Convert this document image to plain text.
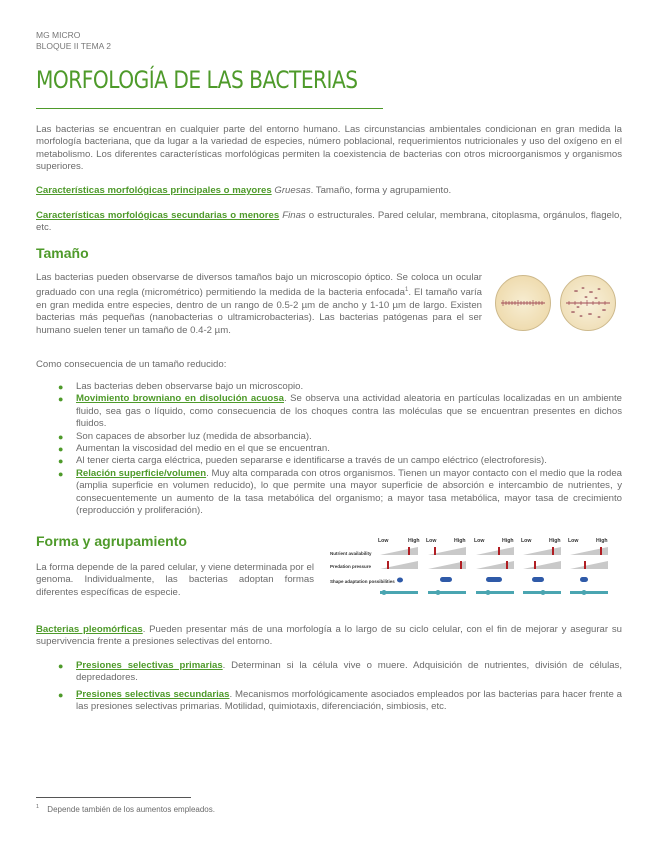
MG MICRO
BLOQUE II TEMA 2
MORFOLOGÍA DE LAS BACTERIAS
Las bacterias se encuentran en cualquier parte del entorno humano. Las circunstancias ambientales condicionan en gran medida la morfología bacteriana, que da lugar a la variedad de especies, número poblacional, requerimientos nutricionales y uso del oxígeno en el metabolismo. Los diferentes características morfológicas permiten la coexistencia de bacterias con otros microorganismos y organismos superiores.
Características morfológicas principales o mayores Gruesas. Tamaño, forma y agrupamiento.
Características morfológicas secundarias o menores Finas o estructurales. Pared celular, membrana, citoplasma, orgánulos, flagelo, etc.
Tamaño
Las bacterias pueden observarse de diversos tamaños bajo un microscopio óptico. Se coloca un ocular graduado con una regla (micrométrico) permitiendo la medida de la bacteria enfocada$^1$. El tamaño varía en gran medida entre especies, dentro de un rango de 0.5-2 µm de ancho y 1-10 µm de largo. Existen bacterias más pequeñas (nanobacterias o ultramicrobacterias). Las bacterias patógenas para el ser humano suelen tener un tamaño de 0.4-2 µm.
Como consecuencia de un tamaño reducido:
● Las bacterias deben observarse bajo un microscopio.
● Movimiento browniano en disolución acuosa. Se observa una actividad aleatoria en partículas localizadas en un ambiente fluido, sea gas o líquido, como consecuencia de los choques contra las moléculas que se encuentran presentes en dichos fluidos.
● Son capaces de absorber luz (medida de absorbancia).
● Aumentan la viscosidad del medio en el que se encuentran.
● Al tener cierta carga eléctrica, pueden separarse e identificarse a través de un campo eléctrico (electroforesis).
● Relación superficie/volumen. Muy alta comparada con otros organismos. Tienen un mayor contacto con el medio que la rodea (amplia superficie en volumen reducido), lo que permite una mayor superficie de absorción e intercambio de nutrientes, y consecuentemente un aumento de la tasa metabólica del organismo; a mayor tasa metabólica, mayor tasa de crecimiento (reproducción y proliferación).
Forma y agrupamiento
La forma depende de la pared celular, y viene determinada por el genoma. Individualmente, las bacterias adoptan formas diferentes específicas de especie.
Low	High Low	High Low	High Low	High Low	High
Nutrient availability
Predation pressure
Shape adaptation possibilities
Bacterias pleomórficas. Pueden presentar más de una morfología a lo largo de su ciclo celular, con el fin de mejorar y asegurar su supervivencia frente a presiones selectivas del entorno.
● Presiones selectivas primarias. Determinan si la célula vive o muere. Adquisición de nutrientes, división de células, depredadores.
● Presiones selectivas secundarias. Mecanismos morfológicamente asociados empleados por las bacterias para hacer frente a las presiones selectivas primarias. Motilidad, quimiotaxis, diferenciación, simbiosis, etc.
$^1$ Depende también de los aumentos empleados.
